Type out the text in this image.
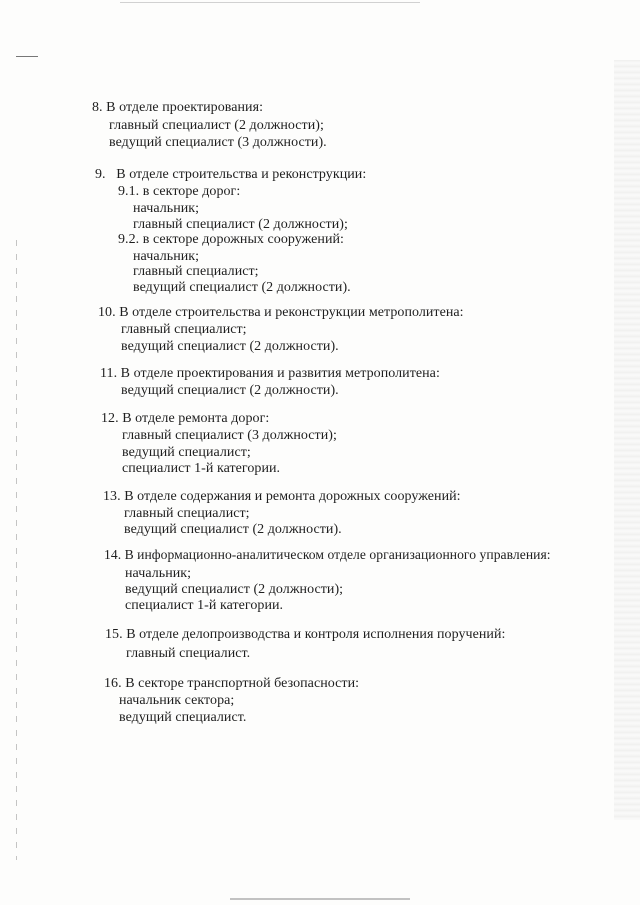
8. В отделе проектирования:
главный специалист (2 должности);
ведущий специалист (3 должности).
9.   В отделе строительства и реконструкции:
9.1. в секторе дорог:
начальник;
главный специалист (2 должности);
9.2. в секторе дорожных сооружений:
начальник;
главный специалист;
ведущий специалист (2 должности).
10. В отделе строительства и реконструкции метрополитена:
главный специалист;
ведущий специалист (2 должности).
11. В отделе проектирования и развития метрополитена:
ведущий специалист (2 должности).
12. В отделе ремонта дорог:
главный специалист (3 должности);
ведущий специалист;
специалист 1-й категории.
13. В отделе содержания и ремонта дорожных сооружений:
главный специалист;
ведущий специалист (2 должности).
14. В информационно-аналитическом отделе организационного управления:
начальник;
ведущий специалист (2 должности);
специалист 1-й категории.
15. В отделе делопроизводства и контроля исполнения поручений:
главный специалист.
16. В секторе транспортной безопасности:
начальник сектора;
ведущий специалист.
